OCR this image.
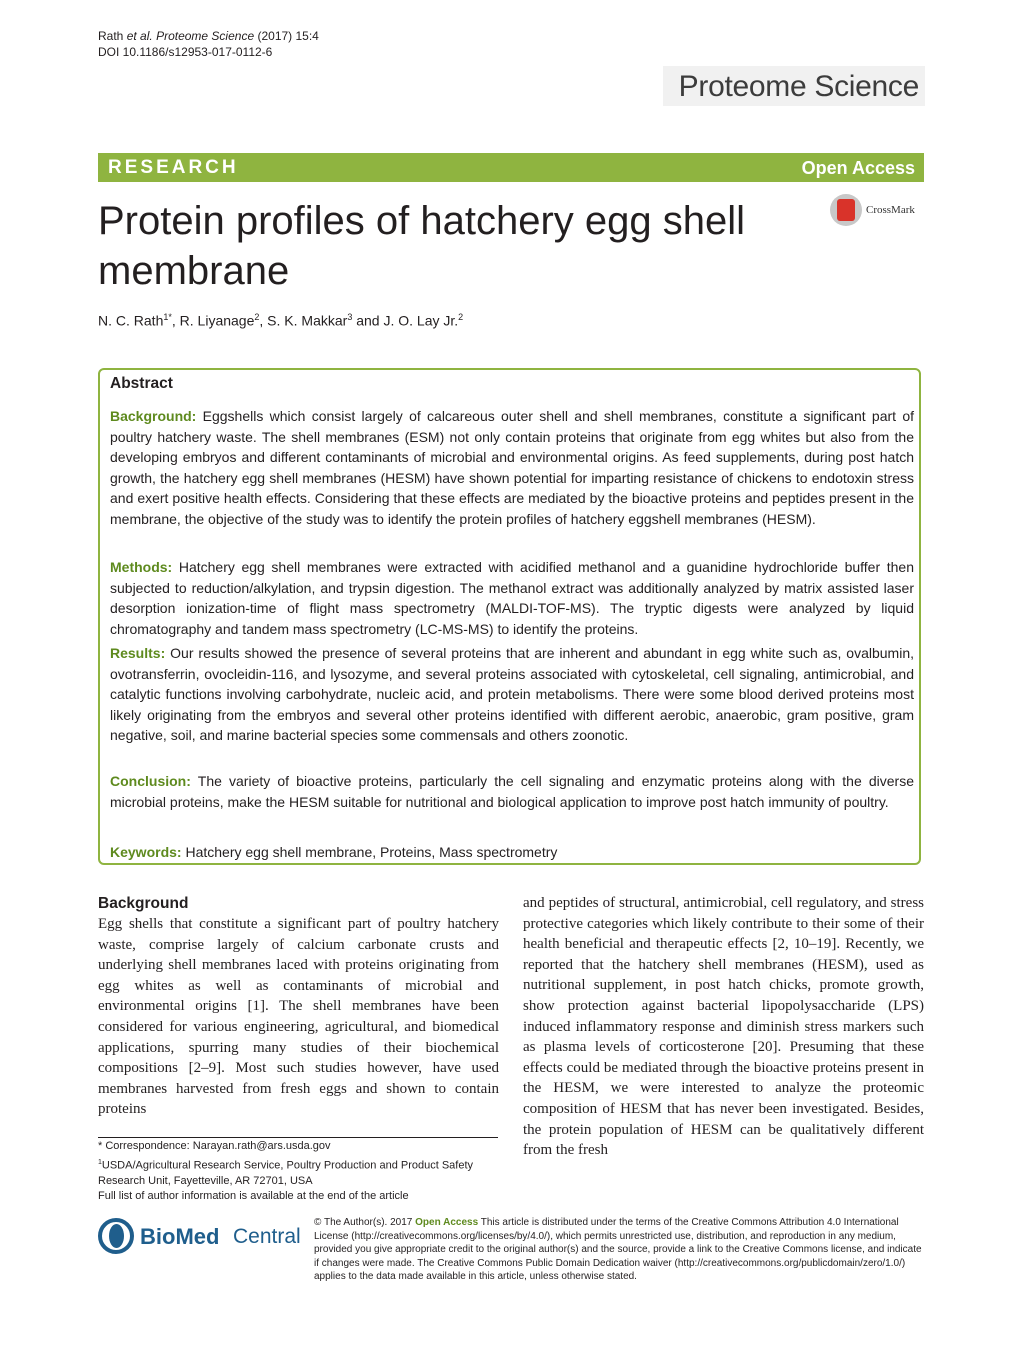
Rath et al. Proteome Science (2017) 15:4
DOI 10.1186/s12953-017-0112-6
Proteome Science
RESEARCH	Open Access
Protein profiles of hatchery egg shell membrane
CrossMark
N. C. Rath$^{1*}$, R. Liyanage$^2$, S. K. Makkar$^3$ and J. O. Lay Jr.$^2$
Abstract
Background: Eggshells which consist largely of calcareous outer shell and shell membranes, constitute a significant part of poultry hatchery waste. The shell membranes (ESM) not only contain proteins that originate from egg whites but also from the developing embryos and different contaminants of microbial and environmental origins. As feed supplements, during post hatch growth, the hatchery egg shell membranes (HESM) have shown potential for imparting resistance of chickens to endotoxin stress and exert positive health effects. Considering that these effects are mediated by the bioactive proteins and peptides present in the membrane, the objective of the study was to identify the protein profiles of hatchery eggshell membranes (HESM).
Methods: Hatchery egg shell membranes were extracted with acidified methanol and a guanidine hydrochloride buffer then subjected to reduction/alkylation, and trypsin digestion. The methanol extract was additionally analyzed by matrix assisted laser desorption ionization-time of flight mass spectrometry (MALDI-TOF-MS). The tryptic digests were analyzed by liquid chromatography and tandem mass spectrometry (LC-MS-MS) to identify the proteins.
Results: Our results showed the presence of several proteins that are inherent and abundant in egg white such as, ovalbumin, ovotransferrin, ovocleidin-116, and lysozyme, and several proteins associated with cytoskeletal, cell signaling, antimicrobial, and catalytic functions involving carbohydrate, nucleic acid, and protein metabolisms. There were some blood derived proteins most likely originating from the embryos and several other proteins identified with different aerobic, anaerobic, gram positive, gram negative, soil, and marine bacterial species some commensals and others zoonotic.
Conclusion: The variety of bioactive proteins, particularly the cell signaling and enzymatic proteins along with the diverse microbial proteins, make the HESM suitable for nutritional and biological application to improve post hatch immunity of poultry.
Keywords: Hatchery egg shell membrane, Proteins, Mass spectrometry
Background
Egg shells that constitute a significant part of poultry hatchery waste, comprise largely of calcium carbonate crusts and underlying shell membranes laced with proteins originating from egg whites as well as contaminants of microbial and environmental origins [1]. The shell membranes have been considered for various engineering, agricultural, and biomedical applications, spurring many studies of their biochemical compositions [2–9]. Most such studies however, have used membranes harvested from fresh eggs and shown to contain proteins
and peptides of structural, antimicrobial, cell regulatory, and stress protective categories which likely contribute to their some of their health beneficial and therapeutic effects [2, 10–19]. Recently, we reported that the hatchery shell membranes (HESM), used as nutritional supplement, in post hatch chicks, promote growth, show protection against bacterial lipopolysaccharide (LPS) induced inflammatory response and diminish stress markers such as plasma levels of corticosterone [20]. Presuming that these effects could be mediated through the bioactive proteins present in the HESM, we were interested to analyze the proteomic composition of HESM that has never been investigated. Besides, the protein population of HESM can be qualitatively different from the fresh
* Correspondence: Narayan.rath@ars.usda.gov
$^1$USDA/Agricultural Research Service, Poultry Production and Product Safety Research Unit, Fayetteville, AR 72701, USA
Full list of author information is available at the end of the article
BioMed Central
© The Author(s). 2017 Open Access This article is distributed under the terms of the Creative Commons Attribution 4.0 International License (http://creativecommons.org/licenses/by/4.0/), which permits unrestricted use, distribution, and reproduction in any medium, provided you give appropriate credit to the original author(s) and the source, provide a link to the Creative Commons license, and indicate if changes were made. The Creative Commons Public Domain Dedication waiver (http://creativecommons.org/publicdomain/zero/1.0/) applies to the data made available in this article, unless otherwise stated.
